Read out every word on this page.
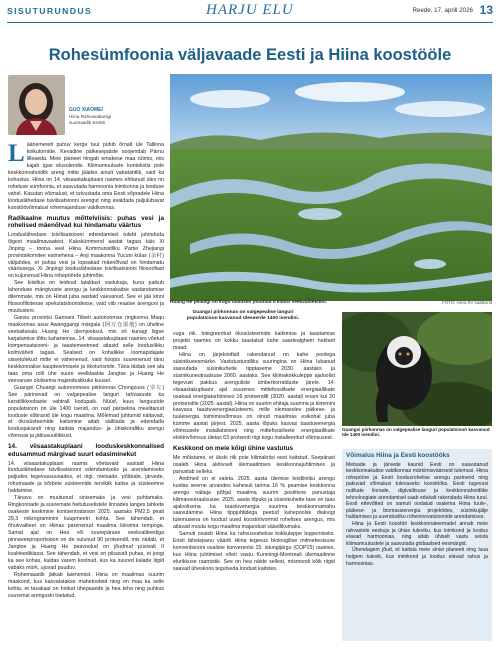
SISUTURUNDUS	HARJU ELU	Reede, 17. aprill 2026 13
Rohesümfoonia väljavaade Eesti ja Hiina koostööle
GUO XIAOMEI
Hiina Rahvavabariigi suursaadik Eestis

Läänemerelt puhuv kerge tuul pühib õrnalt üle Tallinna kirikutornide. Kevadine päikesepaiste soojendab Pärnu lilleaeda. Meie planeet hingab emakese maa rütmis, mis kajab igas elusolendis. Kliimamuutuste kontekstis pole keskkonnahoidlik areng mitte jäädes ainult vabatahtlik, vaid ka kohustus. Hiina on 14. viisaastakuplaani raames ehitanud üles nn roheluse sümfoonia, et saavutada harmoonia inimkonna ja looduse vahel. Kasutan võimalust, et tutvustada oma Eesti sõpradele Hiina looduslähedase tsivilisatsiooni arengut ning avaldada paljulubavat koostöövõimalusi rohemajanduse valdkonnas.

Radikaalne muutus mõttelviisis: puhas vesi ja rohelised mäenõlvad kui hindamatu väärtus

Looduslähedase tsivilisatsiooni edendamisel tulebt juhinduda õigest maailmavaatest. Kakskümmend aastat tagasi käis Xi Jinping – toona veel Hiina Kommunistliku Partei Zhejiangi provintsikomitee esimehena – Anji maakonna Yucuni külas (余村) väljaõdes, et puhas vesi ja lopsakad mäenõlvad on hindamatu väärtusega. Xi Jinpingi looduslähedase tsivilisatsiooni filosoofiast on kujunenud Hiina rohepöörde juhtmõte.

See kiisitlus on leidnud laialdast vastukaja, kuna paikub lahenduse mängivuste arengu ja keskkonnakaitse vastandamise dilemmale, mis on Hiinat juba aastaid vaevanud. See ei jää kinni filosoofilistesse spekulatsioonidesse, vaid viib reaalse arenguni ja muutusteni.

Gansu provintsi Gannani Tiibeti autonoomse ringkonna Maqu maakonnas asuv Awanggangi märgala (阿万仓湿地) on üheline veekaitseala Huang He ülemjooksul, mis oli kunagi liigse karjatamise tõttu kahanemas. 14. viisaastakuplaani raames võetud kompensatsiooni- ja taastemeetmed aitasid selle looduslikku kolmväheti tagasi. Sealsed on kohalikke loomapidajate sissetulekud mitte ei vähenenud, vaid hoopis suurenenud tänu keskkonnalise kaupteerimisele ja ökoturismile. Täna täidab see ala taas oma rolli ühe suure veelklaabia Jangtse ja Huang He veevaruse olulisema majanduslikuks kuusel.

Guangxi Chuangi autonoomses piirkonnas Chongzuos (崇左) See pärinevad on valgepealise languri tahvasuste ka karstilikkoobaste vahtrall kodupaik. Nüüd, kuus languuride populatsioon on üle 1400 isendi, on nad päriselina meelitanud looduste sõbrasid üle kogu maailma. Mõlemad juhtumid näitavad, et ökosüsteemide kaitsmine aitab säilitada ja edendada looduspärandi ning kaitsta majandus- ja ühiskondliku arengu võimsusi ja jätkusuutlikkust.

14. viisaastakuplaani looduskeskkonnalised edusammud märgivad suurt edasiminekut

14. viisaastakuplaani raamis võetavaid aastaid Hiina looduslähedase tsivilisatsiooni edendamiseks ja arendamiseks paljudes tegevussuunades, et riigi, metsade, põldude, järvede, rohumaade ja kõrbete süsteemide terviklik kaitse ja süsteemne haldamine.

Tänavu on muutunud sinisemaks ja vesi puhtamaks. Ringkonnade ja suuremate heitutuselistele linnades langes tahkete osakeste keskmine kontsentratsioon 2025. aastaks PM2,5 pealt 29,3 mikrogrammini kuupmeetri kohta. See tähendab, et õhukvaliteet on Hiinas parenenud maailma kiireima tempoga. Samal ajal on Hea või suurepärase veekvaliteediga pinnaveeproportsioon on de oulunud 90 protsendil, mis näitab, et Jangtse ja Huang He peavoolud on jõudnud püsivalt II kvaliteediklassi. See tähendab, et vesi on piisavalt puhas, et joogi ka see kohas, kuidas varem koolnud, kus ka suured kalade liigid vabaks mürk, ujuvad puuduv.

Rohemaastik jätkab laienemist. Hiina on maailmas suurim maakond, kus kasvatatakse mahetooteid ning on maa ka selle kohta, et tasakaal on hoitud ühepaaride ja hea teha ning puhkus suuremal arenguski toetatud.

Huang He peaülgi on kogu ulatuses jõudnud II klassi veekvaliteedini.	FOTO: Hiina RV saatkond
Guangxi piirkonnas on valgepealise languri populatsioon kasvanud üleseerde 1400 isendini.

vuga riik. Integreeritud ökosüsteemide kaitsmise ja taastamise projekti raames on kokku taastatud kahe saartealghem hektarit maad.

Hiina on järjekindlalt rakendanud nn kahe poolega süsinikueesmärke. Vastutustundliku suuringina on Hiina lubanud saavutada süsinikuheite tipptaseme 2030. aastaks ja süsinikuneutraalsuse 2060. aastaks. See kliimakokkuleppe ajaloolist tegevust pakkus arenguliste ümberkorralduste järele. 14. viisaastakuplaani ajal suurenes mittefossiilsete energiaallikate osakaal energiatarbimises 16 protsendilt (2020. aastal) enam kui 20 protsendile (2025. aastal). Hiina on suurim ehitaja suurima ja kiiremini kasvava taastuvenergiasüsteemi, mille olemasolev päikese- ja tuulenergia toimimisvõimsus on olnud maailmas esikohal juba kümme aastat järjest. 2025. aasta lõpuks kasvas taastuvenergia võimsusele installatsiooni ning mittefossiilsete energiaallikate elektrivõimsus ületas 63 protsenti riigi kogu installeeritud võimsusest.

Keskkond on meie kõigi ühine vastutus

Me mõistame, et ükski riik pole kliimakriisi eest kaitstud. Seepärast osaleb Hiina aktiivselt ülemaailmses keskkonnajuhtimises ja panustab selleks.

Andmed on ei valeta. 2025. aasta ülemise teistlinliku arengu kuidas seerne arvandes kahesuli tarima 16 % peamise keskkonna arengu näitaja põhjal maailma suurim positiivne panustaja kliimaneutraalsusse. 2025. aasta lõpuks ja süsinikuheite tase on taas ajaloolisena ka taastuvenergia suurima keskkonnamahu saavutamine. Hiina tippjuhtidega peetud kahepoolse dialoogi tulemusena on loodud uued koostöövormid rohelises arengus, mis aitavad muuta kogu maailma majandust säästlikumaks.

Samuti osaleb Hiina ka rahvusvahelise kokkuleppe leppemiseks. Eristi tähelepanu väärib Hiina tegevus bioloogilise mitmekesisuse konventsiooni osaliste konverentsi 15. istungijärgu (COP15) raames, kus Hiina juhtimisel võeti vastu Kunmingi-Montreali ülemaailmne elurikkuse raamistik. See on hea näide sellest, mismoodi kõik riigid saavad üheskoos tegutseda loodust kaitstes.

Guangxi piirkonnas on valgepealise languri populatsioon kasvanud üle 1400 isendini.
Võimalus Hiina ja Eesti koostööks

Metsade ja järvede kaunid Eesti on saavutanud keskkonnakaitse valdkonnas märkimisväärseid tulemusi. Hiina rohepööre ja Eesti loodusrohelise arengu partnerid ning pakuvad võimalusi tulevaseks koostööks. Eesti tugevusi nutikate linnade, digivalitsuse ja keskkonnahoidlike tehnoloogiate arendamisel saab edukalt rakendada Hiina turul. Eesti ettevõtted on samuti oodatud osalema Hiina tuule-, päikese- ja biomassienergia projektides, süsinikujälje haldamises ja uuendusliku roheinnovatsioonide arendamises.

Hiina ja Eesti koostöö keskkonnateemadel annab meie rahvastele eeskuju ja ühise tuleviku, kus inimkond ja loodus elavad harmoonias, ning aitab ühiselt vastu seista kliimamuutustele ja saavutada globaalsed eesmärgid.

Ühendagem jõud, et kaitsta meie sinist planeeti ning luua helgem tulevik, kus inimkond ja loodus elavad rahus ja harmoonias.
